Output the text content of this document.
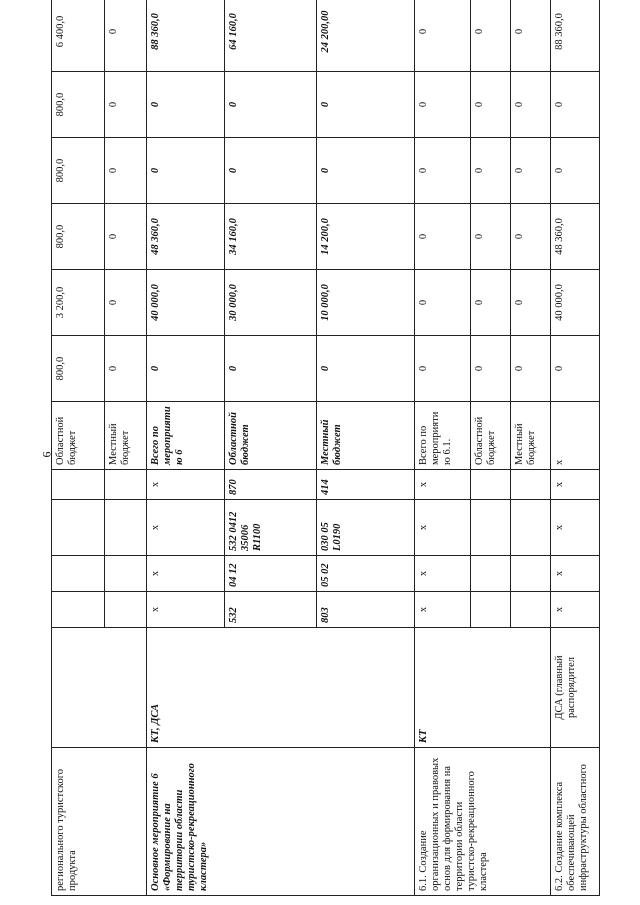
6
регионального туристского продукта						Областной бюджет	800,0	3 200,0	800,0	800,0	800,0	6 400,0
						Местный бюджет	0	0	0	0	0	0
Основное мероприятие 6 «Формирование на территории области туристско-рекреационного кластера»	КТ, ДСА	х	х	х	х	Всего по мероприятию 6	0	40 000,0	48 360,0	0	0	88 360,0
		532	04 12	532 0412 35006 R1100	870	Областной бюджет	0	30 000,0	34 160,0	0	0	64 160,0
		803	05 02	030 05 L0190	414	Местный бюджет	0	10 000,0	14 200,0	0	0	24 200,00
6.1. Создание организационных и правовых основ для формирования на территории области туристско-рекреационного кластера	КТ	х	х	х	х	Всего по мероприятию 6.1.	0	0	0	0	0	0
						Областной бюджет	0	0	0	0	0	0
						Местный бюджет	0	0	0	0	0	0
6.2. Создание комплекса обеспечивающей инфраструктуры областного	ДСА (главный распорядител	х	х	х	х	х	0	40 000,0	48 360,0	0	0	88 360,0
